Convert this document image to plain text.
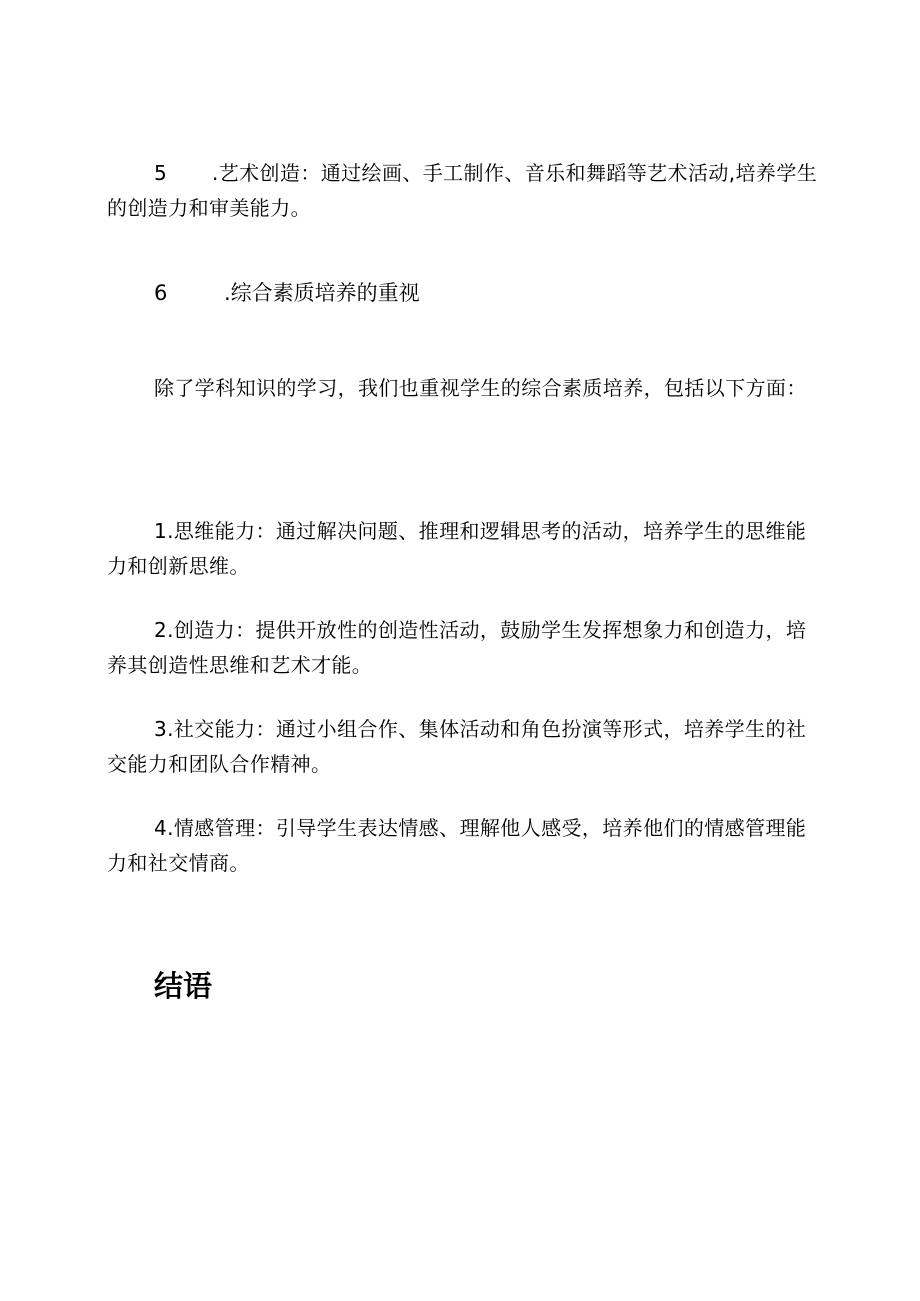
5 .艺术创造：通过绘画、手工制作、音乐和舞蹈等艺术活动,培养学生的创造力和审美能力。

6	.综合素质培养的重视

除了学科知识的学习，我们也重视学生的综合素质培养，包括以下方面：

1.思维能力：通过解决问题、推理和逻辑思考的活动，培养学生的思维能力和创新思维。

2.创造力：提供开放性的创造性活动，鼓励学生发挥想象力和创造力，培养其创造性思维和艺术才能。

3.社交能力：通过小组合作、集体活动和角色扮演等形式，培养学生的社交能力和团队合作精神。

4.情感管理：引导学生表达情感、理解他人感受，培养他们的情感管理能力和社交情商。

结语
